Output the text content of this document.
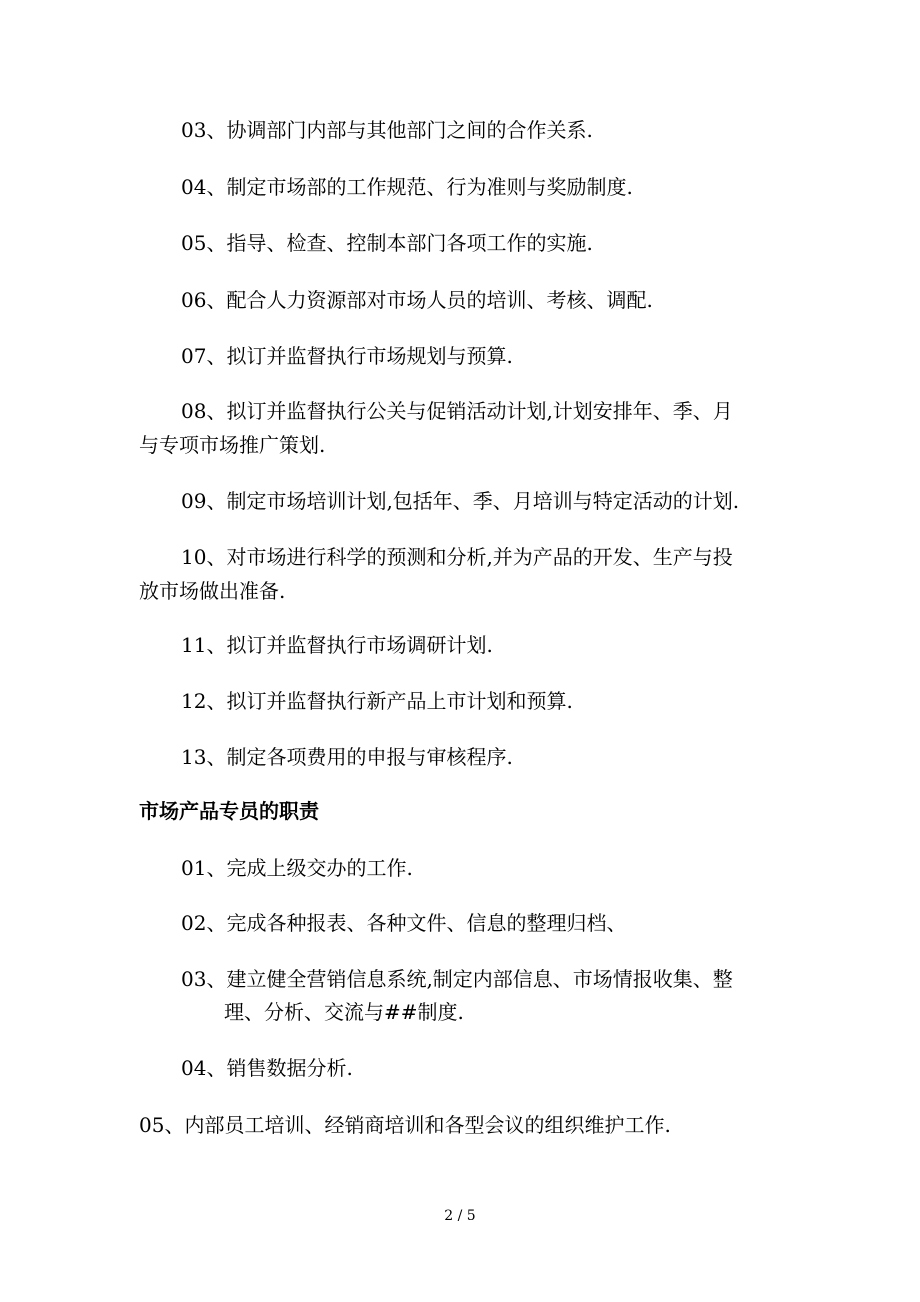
03、协调部门内部与其他部门之间的合作关系.

04、制定市场部的工作规范、行为准则与奖励制度.

05、指导、检查、控制本部门各项工作的实施.

06、配合人力资源部对市场人员的培训、考核、调配.

07、拟订并监督执行市场规划与预算.

08、拟订并监督执行公关与促销活动计划,计划安排年、季、月

与专项市场推广策划.

09、制定市场培训计划,包括年、季、月培训与特定活动的计划.

10、对市场进行科学的预测和分析,并为产品的开发、生产与投

放市场做出准备.

11、拟订并监督执行市场调研计划.

12、拟订并监督执行新产品上市计划和预算.

13、制定各项费用的申报与审核程序.

市场产品专员的职责

01、完成上级交办的工作.

02、完成各种报表、各种文件、信息的整理归档、

03、建立健全营销信息系统,制定内部信息、市场情报收集、整

理、分析、交流与##制度.

04、销售数据分析.

05、内部员工培训、经销商培训和各型会议的组织维护工作.

2 / 5
